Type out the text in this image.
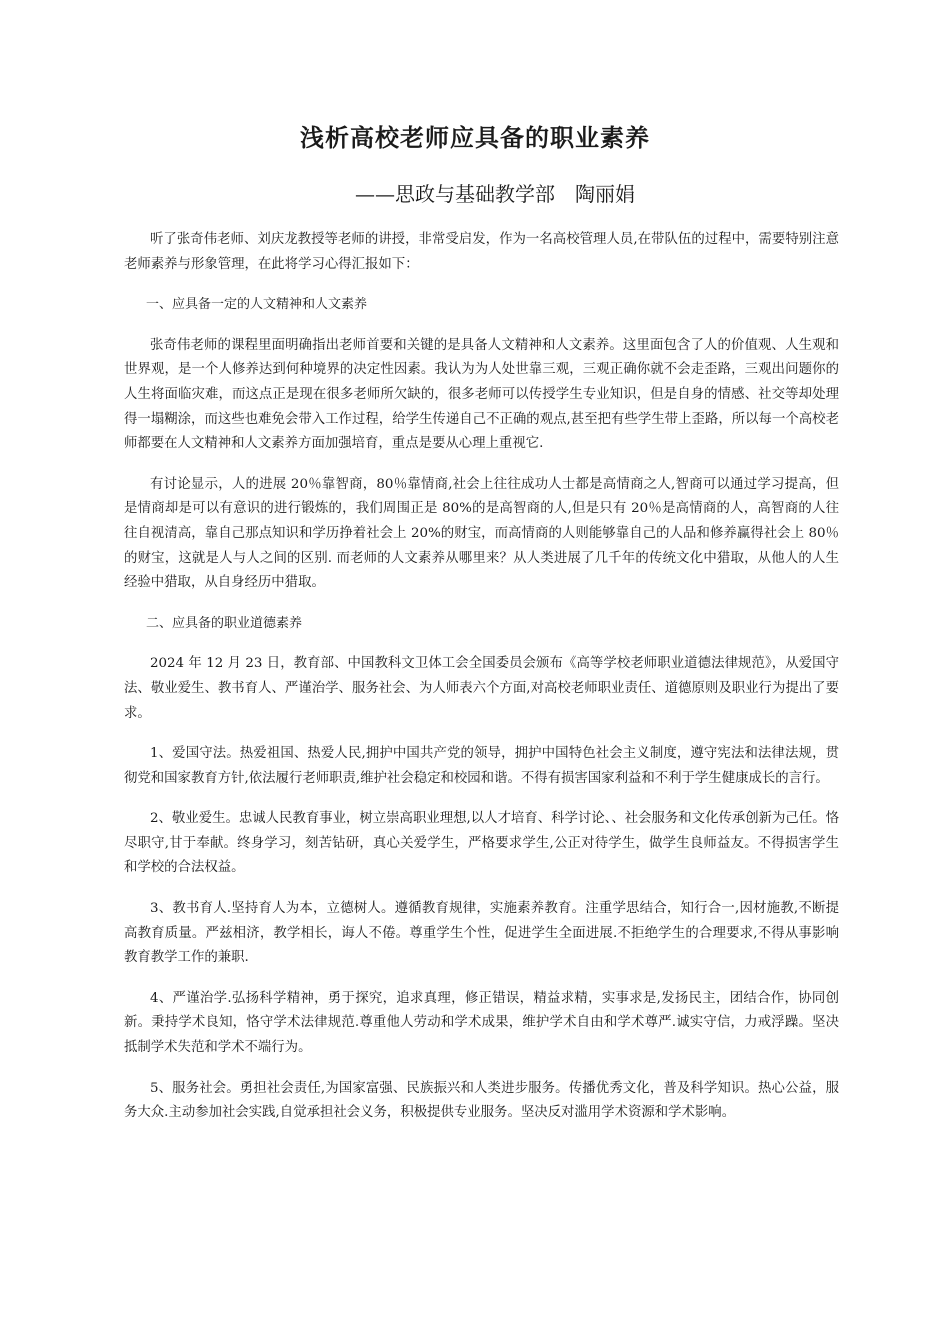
浅析高校老师应具备的职业素养
——思政与基础教学部　陶丽娟

听了张奇伟老师、刘庆龙教授等老师的讲授，非常受启发，作为一名高校管理人员,在带队伍的过程中，需要特别注意老师素养与形象管理，在此将学习心得汇报如下：

一、应具备一定的人文精神和人文素养

张奇伟老师的课程里面明确指出老师首要和关键的是具备人文精神和人文素养。这里面包含了人的价值观、人生观和世界观，是一个人修养达到何种境界的决定性因素。我认为为人处世靠三观，三观正确你就不会走歪路，三观出问题你的人生将面临灾难，而这点正是现在很多老师所欠缺的，很多老师可以传授学生专业知识，但是自身的情感、社交等却处理得一塌糊涂，而这些也难免会带入工作过程，给学生传递自己不正确的观点,甚至把有些学生带上歪路，所以每一个高校老师都要在人文精神和人文素养方面加强培育，重点是要从心理上重视它.

有讨论显示，人的进展 20％靠智商，80％靠情商,社会上往往成功人士都是高情商之人,智商可以通过学习提高，但是情商却是可以有意识的进行锻炼的，我们周围正是 80%的是高智商的人,但是只有 20％是高情商的人，高智商的人往往自视清高，靠自己那点知识和学历挣着社会上 20%的财宝，而高情商的人则能够靠自己的人品和修养赢得社会上 80％的财宝，这就是人与人之间的区别. 而老师的人文素养从哪里来？从人类进展了几千年的传统文化中猎取，从他人的人生经验中猎取，从自身经历中猎取。

二、应具备的职业道德素养

2024 年 12 月 23 日，教育部、中国教科文卫体工会全国委员会颁布《高等学校老师职业道德法律规范》，从爱国守法、敬业爱生、教书育人、严谨治学、服务社会、为人师表六个方面,对高校老师职业责任、道德原则及职业行为提出了要求。

1、爱国守法。热爱祖国、热爱人民,拥护中国共产党的领导，拥护中国特色社会主义制度，遵守宪法和法律法规，贯彻党和国家教育方针,依法履行老师职责,维护社会稳定和校园和谐。不得有损害国家利益和不利于学生健康成长的言行。

2、敬业爱生。忠诚人民教育事业，树立崇高职业理想,以人才培育、科学讨论、、社会服务和文化传承创新为己任。恪尽职守,甘于奉献。终身学习，刻苦钻研，真心关爱学生，严格要求学生,公正对待学生，做学生良师益友。不得损害学生和学校的合法权益。

3、教书育人.坚持育人为本，立德树人。遵循教育规律，实施素养教育。注重学思结合，知行合一,因材施教,不断提高教育质量。严兹相济，教学相长，诲人不倦。尊重学生个性，促进学生全面进展.不拒绝学生的合理要求,不得从事影响教育教学工作的兼职.

4、严谨治学.弘扬科学精神，勇于探究，追求真理，修正错误，精益求精，实事求是,发扬民主，团结合作，协同创新。秉持学术良知，恪守学术法律规范.尊重他人劳动和学术成果，维护学术自由和学术尊严.诚实守信，力戒浮躁。坚决抵制学术失范和学术不端行为。

5、服务社会。勇担社会责任,为国家富强、民族振兴和人类进步服务。传播优秀文化，普及科学知识。热心公益，服务大众.主动参加社会实践,自觉承担社会义务，积极提供专业服务。坚决反对滥用学术资源和学术影响。
